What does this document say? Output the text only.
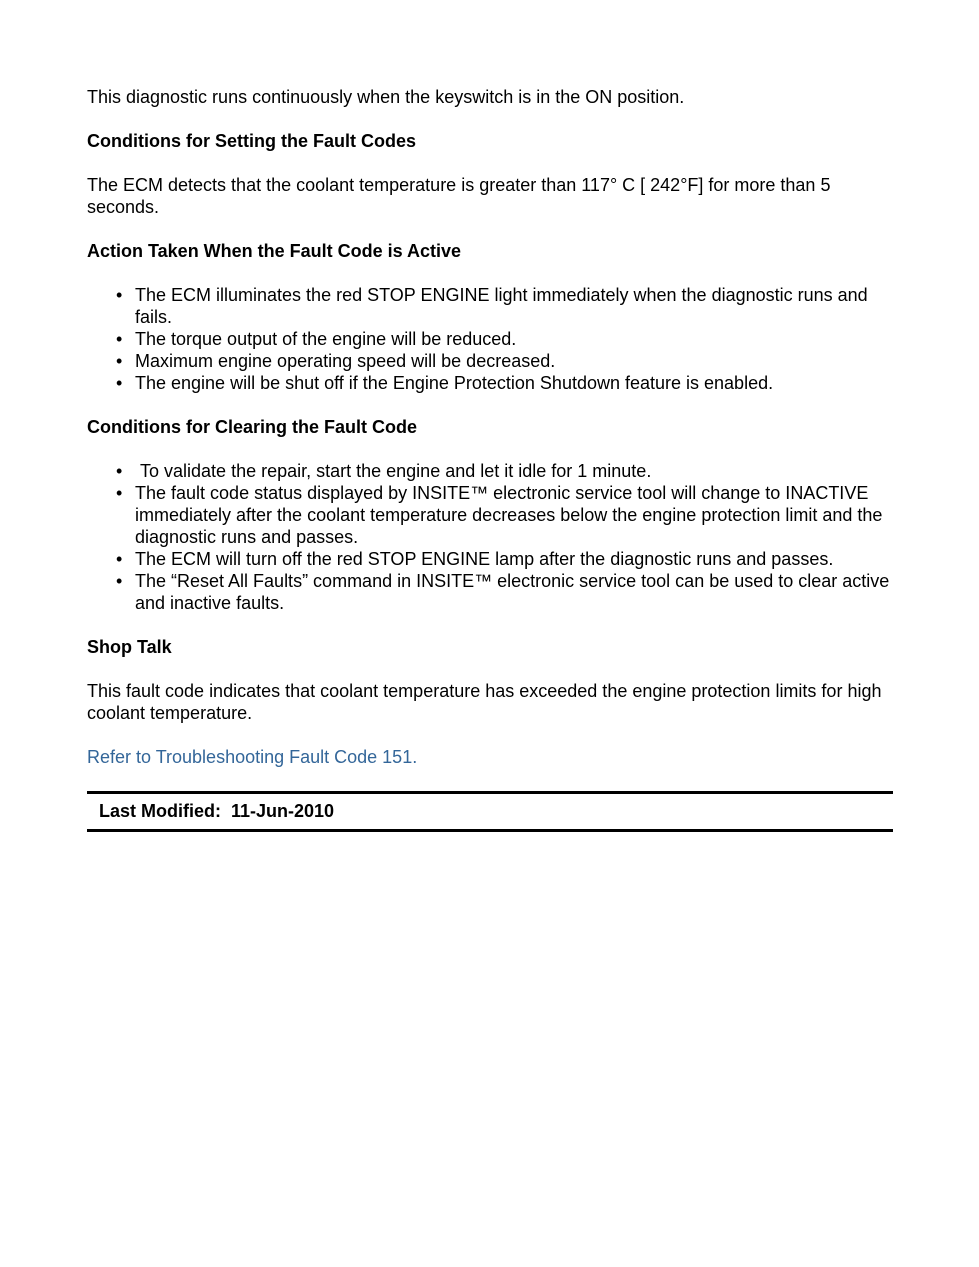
This diagnostic runs continuously when the keyswitch is in the ON position.

Conditions for Setting the Fault Codes

The ECM detects that the coolant temperature is greater than 117° C [ 242°F] for more than 5 seconds.

Action Taken When the Fault Code is Active

• The ECM illuminates the red STOP ENGINE light immediately when the diagnostic runs and fails.
• The torque output of the engine will be reduced.
• Maximum engine operating speed will be decreased.
• The engine will be shut off if the Engine Protection Shutdown feature is enabled.

Conditions for Clearing the Fault Code

• To validate the repair, start the engine and let it idle for 1 minute.
• The fault code status displayed by INSITE™ electronic service tool will change to INACTIVE immediately after the coolant temperature decreases below the engine protection limit and the diagnostic runs and passes.
• The ECM will turn off the red STOP ENGINE lamp after the diagnostic runs and passes.
• The “Reset All Faults” command in INSITE™ electronic service tool can be used to clear active and inactive faults.

Shop Talk

This fault code indicates that coolant temperature has exceeded the engine protection limits for high coolant temperature.

Refer to Troubleshooting Fault Code 151.
Last Modified:  11-Jun-2010
